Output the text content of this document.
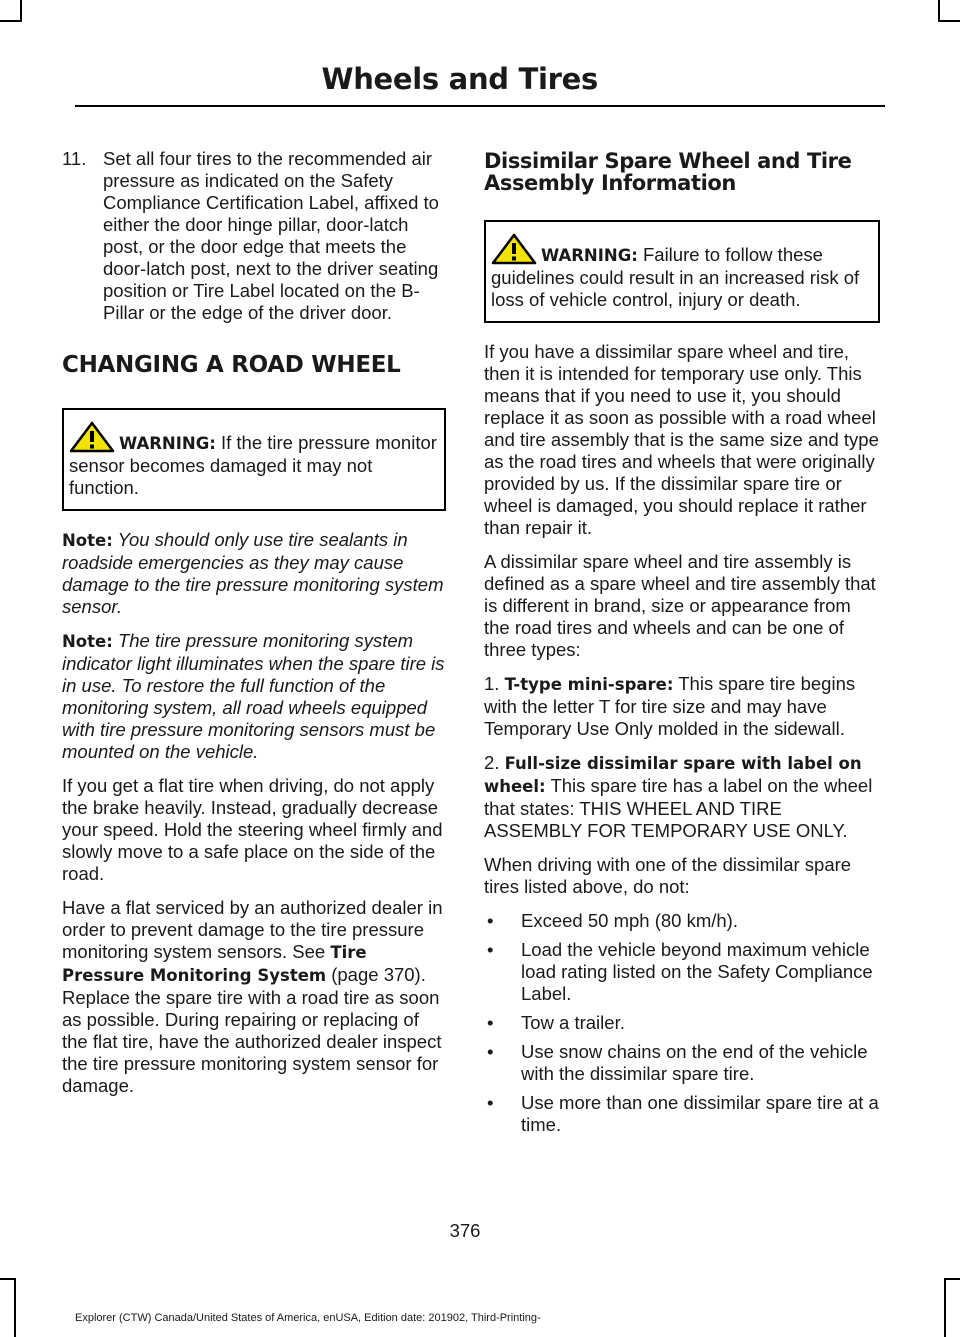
Wheels and Tires
11. Set all four tires to the recommended air pressure as indicated on the Safety Compliance Certification Label, affixed to either the door hinge pillar, door-latch post, or the door edge that meets the door-latch post, next to the driver seating position or Tire Label located on the B-Pillar or the edge of the driver door.
CHANGING A ROAD WHEEL
WARNING: If the tire pressure monitor sensor becomes damaged it may not function.

Note: You should only use tire sealants in roadside emergencies as they may cause damage to the tire pressure monitoring system sensor.

Note: The tire pressure monitoring system indicator light illuminates when the spare tire is in use. To restore the full function of the monitoring system, all road wheels equipped with tire pressure monitoring sensors must be mounted on the vehicle.

If you get a flat tire when driving, do not apply the brake heavily. Instead, gradually decrease your speed. Hold the steering wheel firmly and slowly move to a safe place on the side of the road.

Have a flat serviced by an authorized dealer in order to prevent damage to the tire pressure monitoring system sensors. See Tire Pressure Monitoring System (page 370). Replace the spare tire with a road tire as soon as possible. During repairing or replacing of the flat tire, have the authorized dealer inspect the tire pressure monitoring system sensor for damage.

Dissimilar Spare Wheel and Tire Assembly Information
WARNING: Failure to follow these guidelines could result in an increased risk of loss of vehicle control, injury or death.

If you have a dissimilar spare wheel and tire, then it is intended for temporary use only. This means that if you need to use it, you should replace it as soon as possible with a road wheel and tire assembly that is the same size and type as the road tires and wheels that were originally provided by us. If the dissimilar spare tire or wheel is damaged, you should replace it rather than repair it.

A dissimilar spare wheel and tire assembly is defined as a spare wheel and tire assembly that is different in brand, size or appearance from the road tires and wheels and can be one of three types:

1. T-type mini-spare: This spare tire begins with the letter T for tire size and may have Temporary Use Only molded in the sidewall.

2. Full-size dissimilar spare with label on wheel: This spare tire has a label on the wheel that states: THIS WHEEL AND TIRE ASSEMBLY FOR TEMPORARY USE ONLY.

When driving with one of the dissimilar spare tires listed above, do not:

• Exceed 50 mph (80 km/h).
• Load the vehicle beyond maximum vehicle load rating listed on the Safety Compliance Label.
• Tow a trailer.
• Use snow chains on the end of the vehicle with the dissimilar spare tire.
• Use more than one dissimilar spare tire at a time.
376
Explorer (CTW) Canada/United States of America, enUSA, Edition date: 201902, Third-Printing-
